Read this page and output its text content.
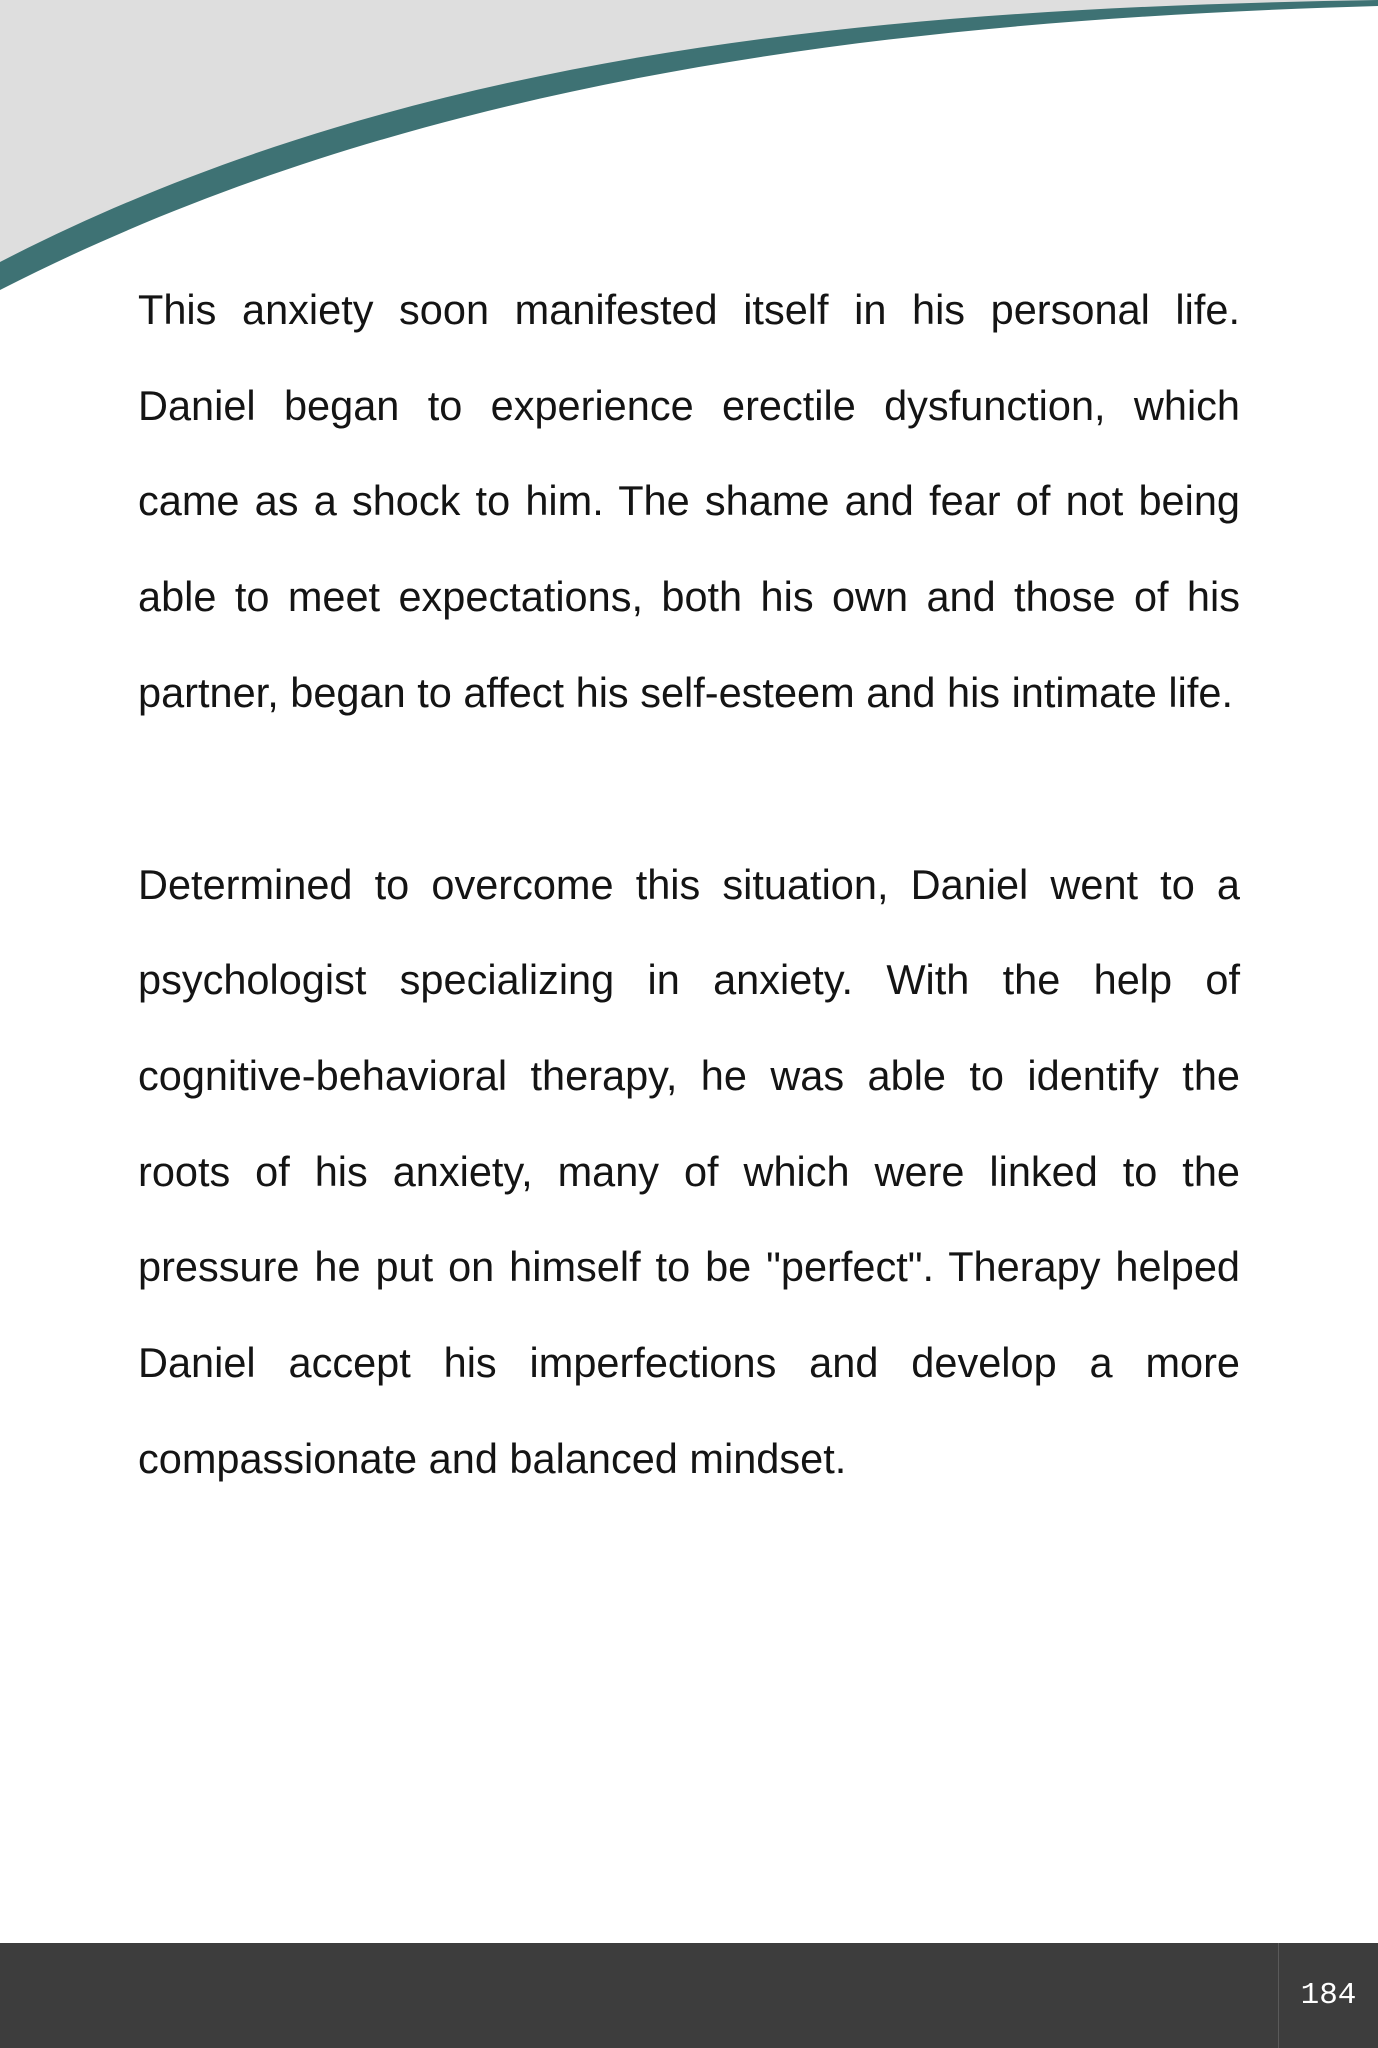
This anxiety soon manifested itself in his personal life. Daniel began to experience erectile dysfunction, which came as a shock to him. The shame and fear of not being able to meet expectations, both his own and those of his partner, began to affect his self-esteem and his intimate life.

Determined to overcome this situation, Daniel went to a psychologist specializing in anxiety. With the help of cognitive-behavioral therapy, he was able to identify the roots of his anxiety, many of which were linked to the pressure he put on himself to be "perfect". Therapy helped Daniel accept his imperfections and develop a more compassionate and balanced mindset.

184
